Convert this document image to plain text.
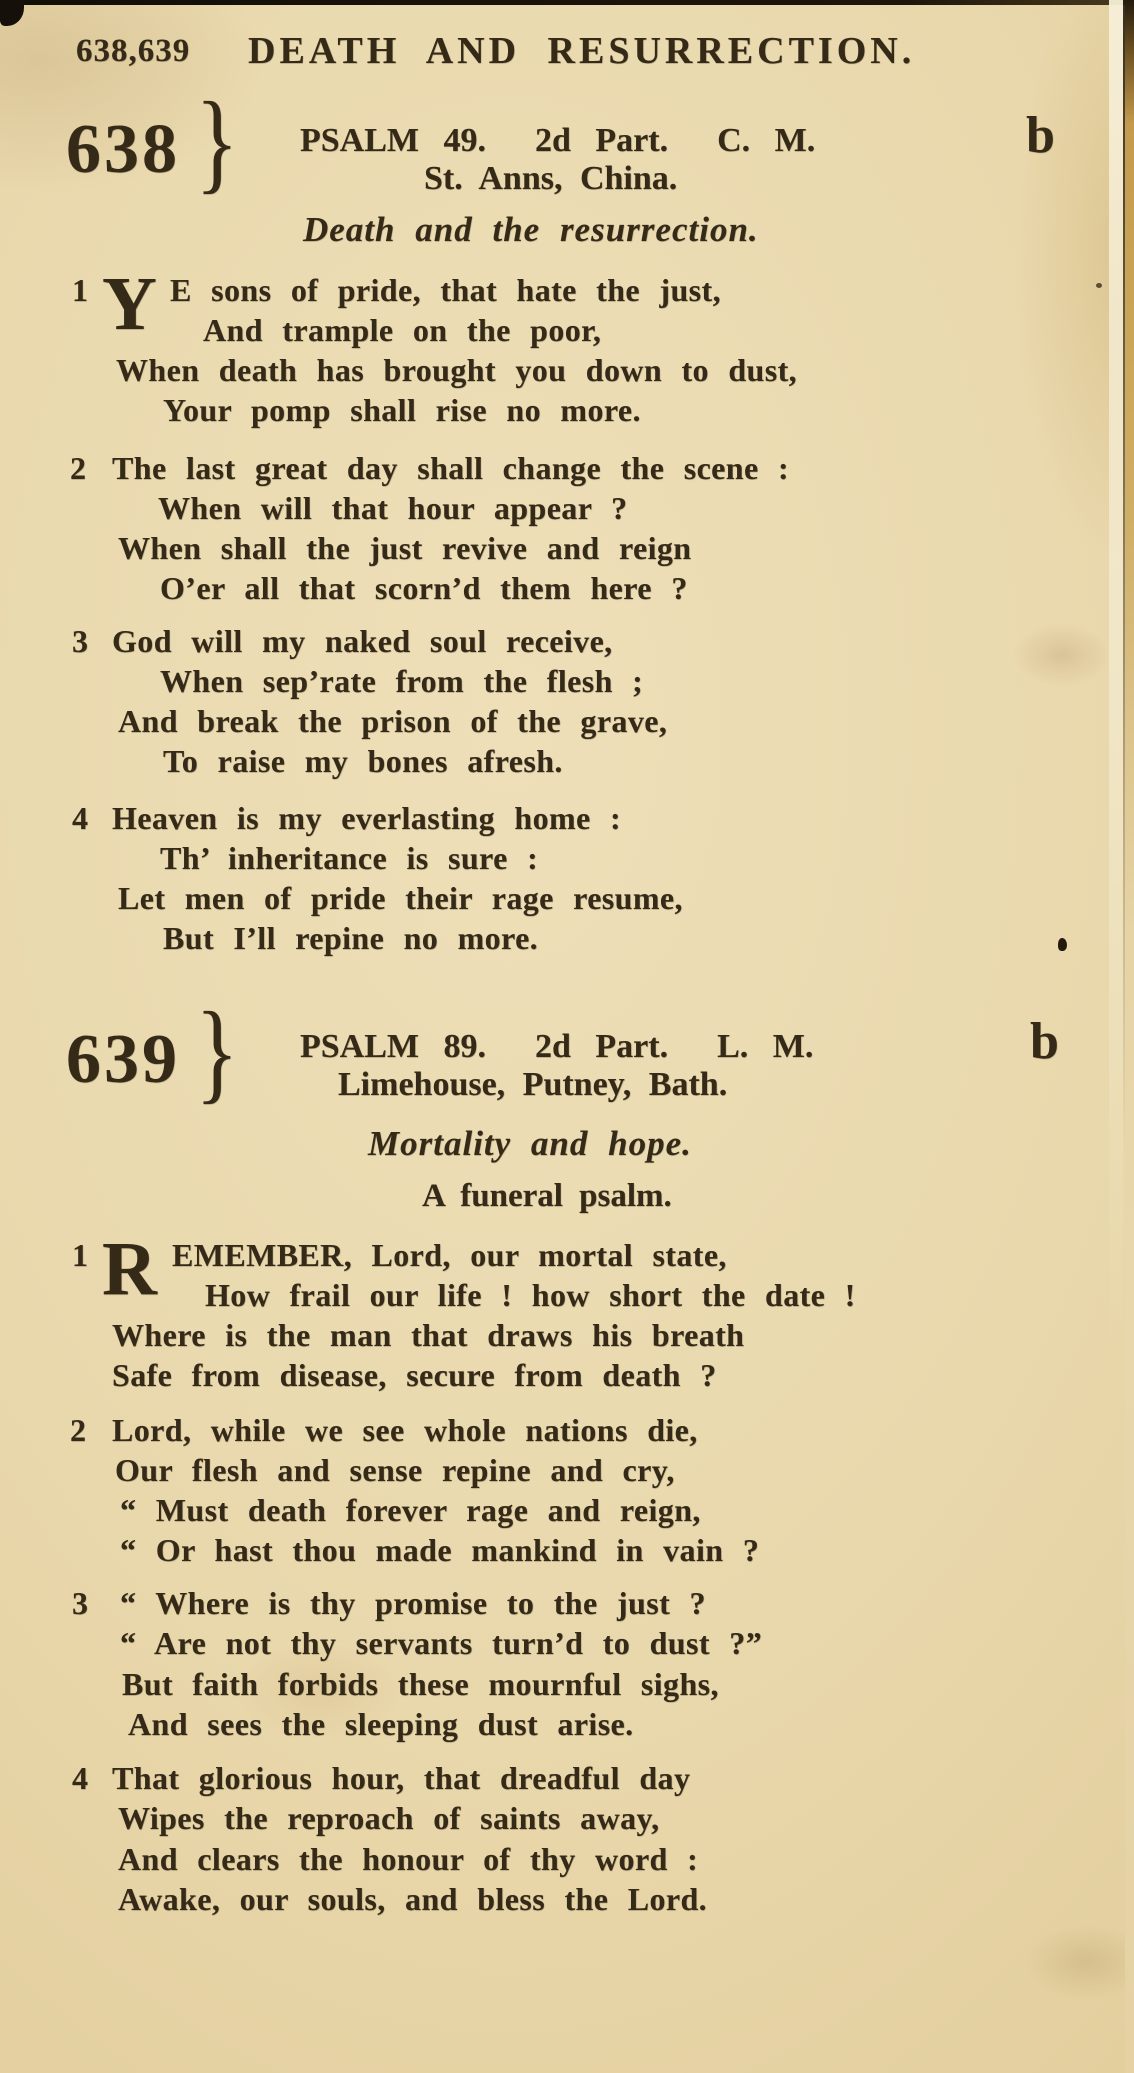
638,639 DEATH AND RESURRECTION.
638 } PSALM 49.  2d Part.  C. M.
St. Anns, China.
b
Death and the resurrection.
1 Y E sons of pride, that hate the just,
And trample on the poor,
When death has brought you down to dust,
Your pomp shall rise no more.
2 The last great day shall change the scene :
When will that hour appear ?
When shall the just revive and reign
O’er all that scorn’d them here ?
3 God will my naked soul receive,
When sep’rate from the flesh ;
And break the prison of the grave,
To raise my bones afresh.
4 Heaven is my everlasting home :
Th’ inheritance is sure :
Let men of pride their rage resume,
But I’ll repine no more.
639 } PSALM 89.  2d Part.  L. M.
Limehouse, Putney, Bath.
b
Mortality and hope.
A funeral psalm.
1 R EMEMBER, Lord, our mortal state,
How frail our life ! how short the date !
Where is the man that draws his breath
Safe from disease, secure from death ?
2 Lord, while we see whole nations die,
Our flesh and sense repine and cry,
“ Must death forever rage and reign,
“ Or hast thou made mankind in vain ?
3 “ Where is thy promise to the just ?
“ Are not thy servants turn’d to dust ?”
But faith forbids these mournful sighs,
And sees the sleeping dust arise.
4 That glorious hour, that dreadful day
Wipes the reproach of saints away,
And clears the honour of thy word :
Awake, our souls, and bless the Lord.
